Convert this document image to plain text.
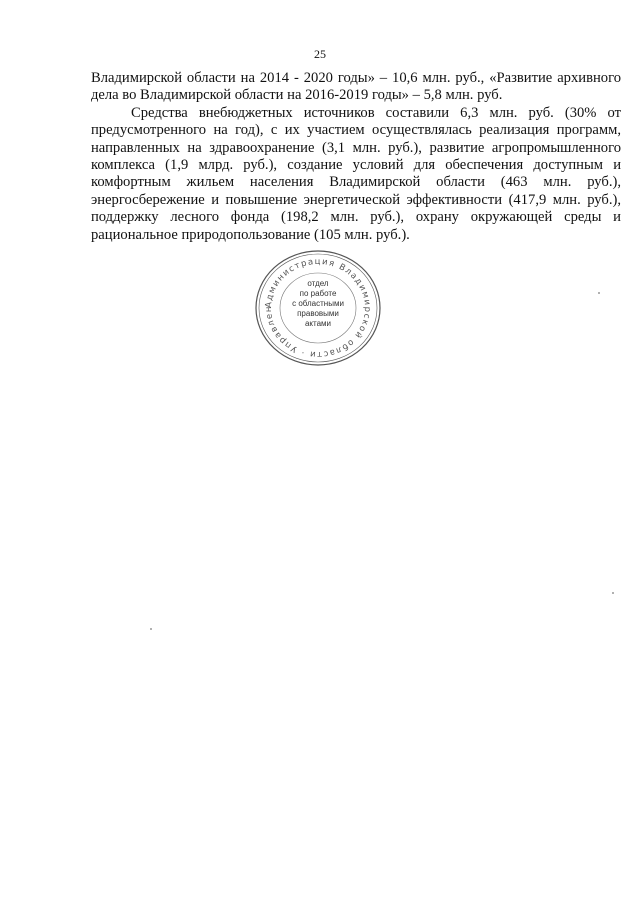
25

Владимирской области на 2014 - 2020 годы» – 10,6 млн. руб., «Развитие архивного дела во Владимирской области на 2016-2019 годы» – 5,8 млн. руб.

Средства внебюджетных источников составили 6,3 млн. руб. (30% от предусмотренного на год), с их участием осуществлялась реализация программ, направленных на здравоохранение (3,1 млн. руб.), развитие агропромышленного комплекса (1,9 млрд. руб.), создание условий для обеспечения доступным и комфортным жильем населения Владимирской области (463 млн. руб.), энергосбережение и повышение энергетической эффективности (417,9 млн. руб.), поддержку лесного фонда (198,2 млн. руб.), охрану окружающей среды и рациональное природопользование (105 млн. руб.).

Администрация Владимирской области · Управлен
отдел
по работе
с областными
правовыми
актами
